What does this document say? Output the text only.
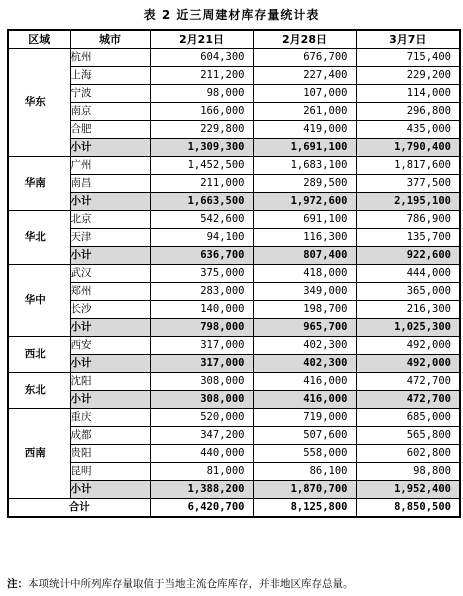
表 2 近三周建材库存量统计表
区域	城市	2月21日	2月28日	3月7日
华东	杭州	604,300	676,700	715,400
	上海	211,200	227,400	229,200
	宁波	98,000	107,000	114,000
	南京	166,000	261,000	296,800
	合肥	229,800	419,000	435,000
	小计	1,309,300	1,691,100	1,790,400
华南	广州	1,452,500	1,683,100	1,817,600
	南昌	211,000	289,500	377,500
	小计	1,663,500	1,972,600	2,195,100
华北	北京	542,600	691,100	786,900
	天津	94,100	116,300	135,700
	小计	636,700	807,400	922,600
华中	武汉	375,000	418,000	444,000
	郑州	283,000	349,000	365,000
	长沙	140,000	198,700	216,300
	小计	798,000	965,700	1,025,300
西北	西安	317,000	402,300	492,000
	小计	317,000	402,300	492,000
东北	沈阳	308,000	416,000	472,700
	小计	308,000	416,000	472,700
西南	重庆	520,000	719,000	685,000
	成都	347,200	507,600	565,800
	贵阳	440,000	558,000	602,800
	昆明	81,000	86,100	98,800
	小计	1,388,200	1,870,700	1,952,400
合计		6,420,700	8,125,800	8,850,500
注：本项统计中所列库存量取值于当地主流仓库库存，并非地区库存总量。
